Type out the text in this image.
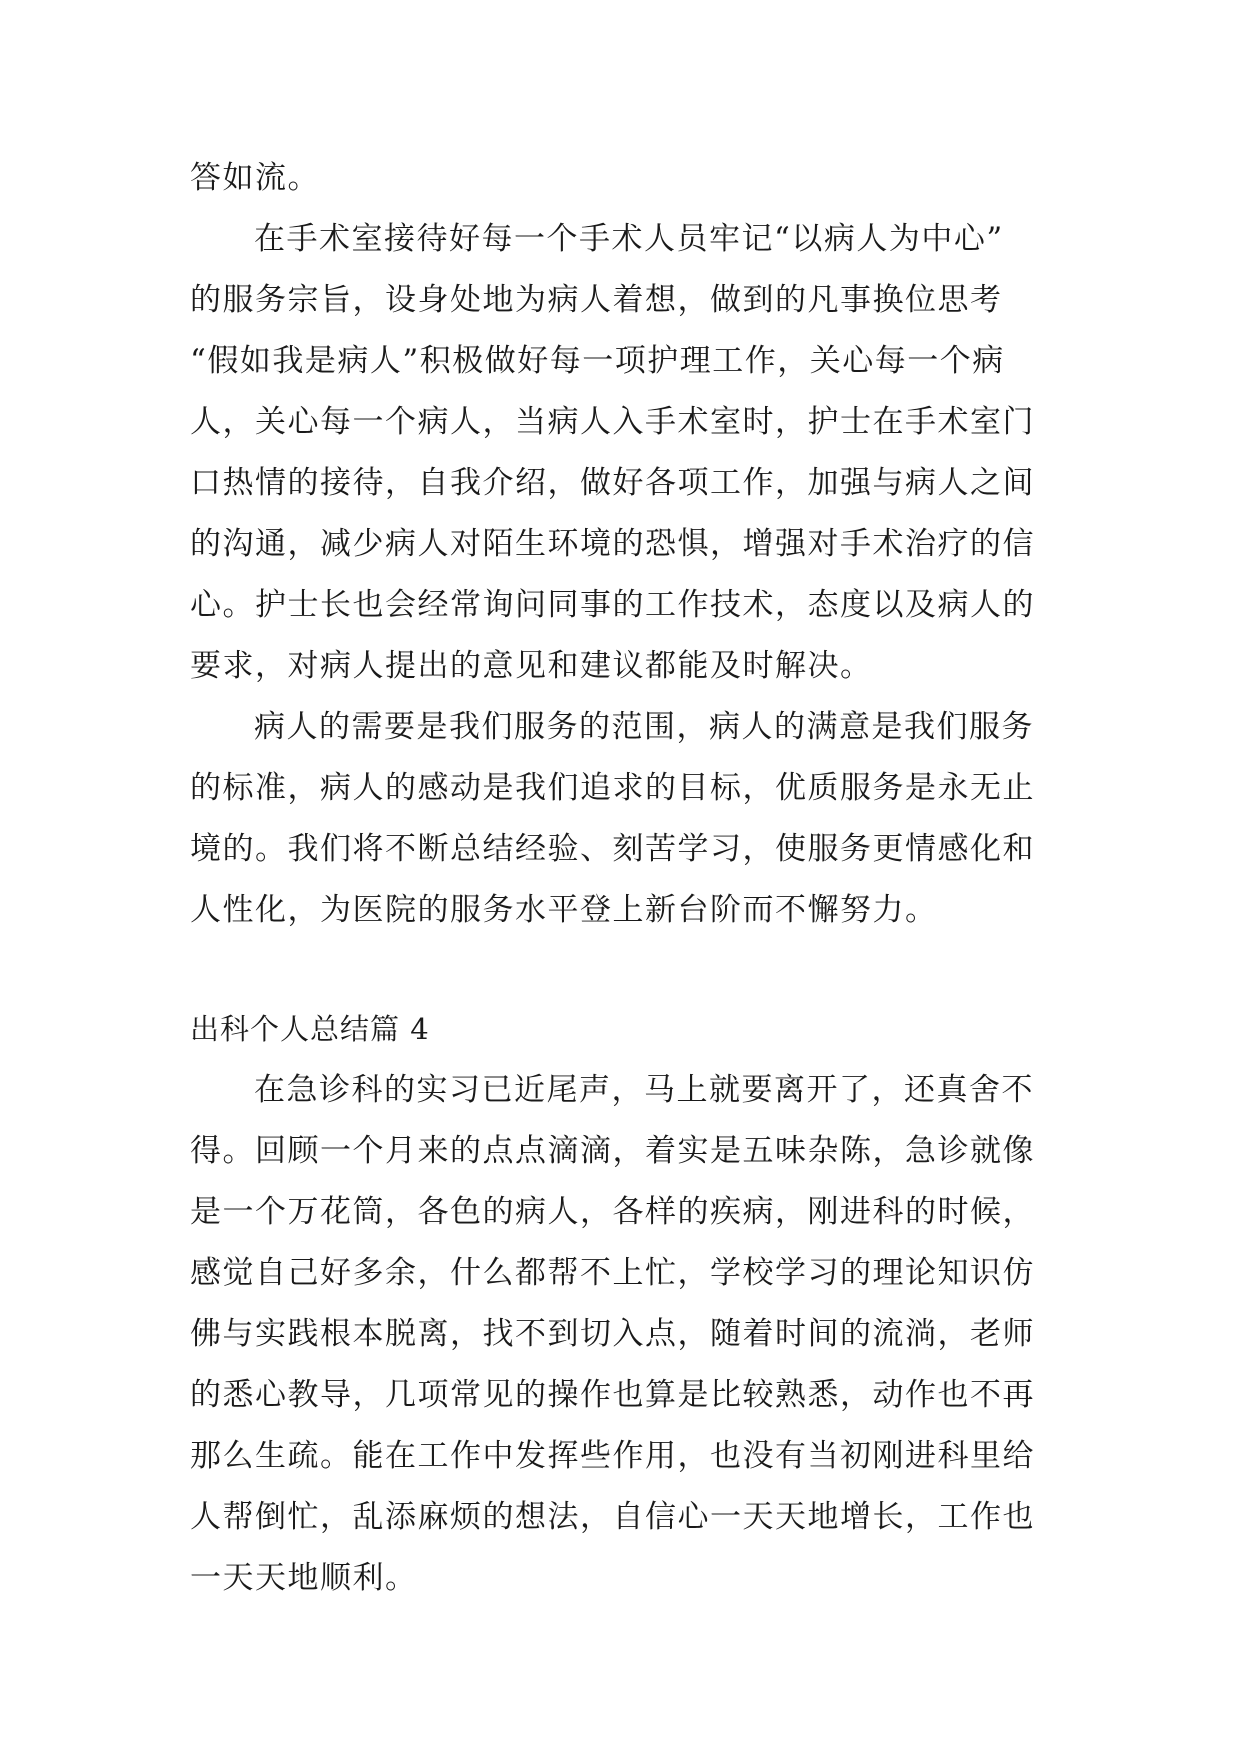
答如流。
在手术室接待好每一个手术人员牢记“以病人为中心”
的服务宗旨，设身处地为病人着想，做到的凡事换位思考
“假如我是病人”积极做好每一项护理工作，关心每一个病
人，关心每一个病人，当病人入手术室时，护士在手术室门
口热情的接待，自我介绍，做好各项工作，加强与病人之间
的沟通，减少病人对陌生环境的恐惧，增强对手术治疗的信
心。护士长也会经常询问同事的工作技术，态度以及病人的
要求，对病人提出的意见和建议都能及时解决。
病人的需要是我们服务的范围，病人的满意是我们服务
的标准，病人的感动是我们追求的目标，优质服务是永无止
境的。我们将不断总结经验、刻苦学习，使服务更情感化和
人性化，为医院的服务水平登上新台阶而不懈努力。
出科个人总结篇 4
在急诊科的实习已近尾声，马上就要离开了，还真舍不
得。回顾一个月来的点点滴滴，着实是五味杂陈，急诊就像
是一个万花筒，各色的病人，各样的疾病，刚进科的时候，
感觉自己好多余，什么都帮不上忙，学校学习的理论知识仿
佛与实践根本脱离，找不到切入点，随着时间的流淌，老师
的悉心教导，几项常见的操作也算是比较熟悉，动作也不再
那么生疏。能在工作中发挥些作用，也没有当初刚进科里给
人帮倒忙，乱添麻烦的想法，自信心一天天地增长，工作也
一天天地顺利。
